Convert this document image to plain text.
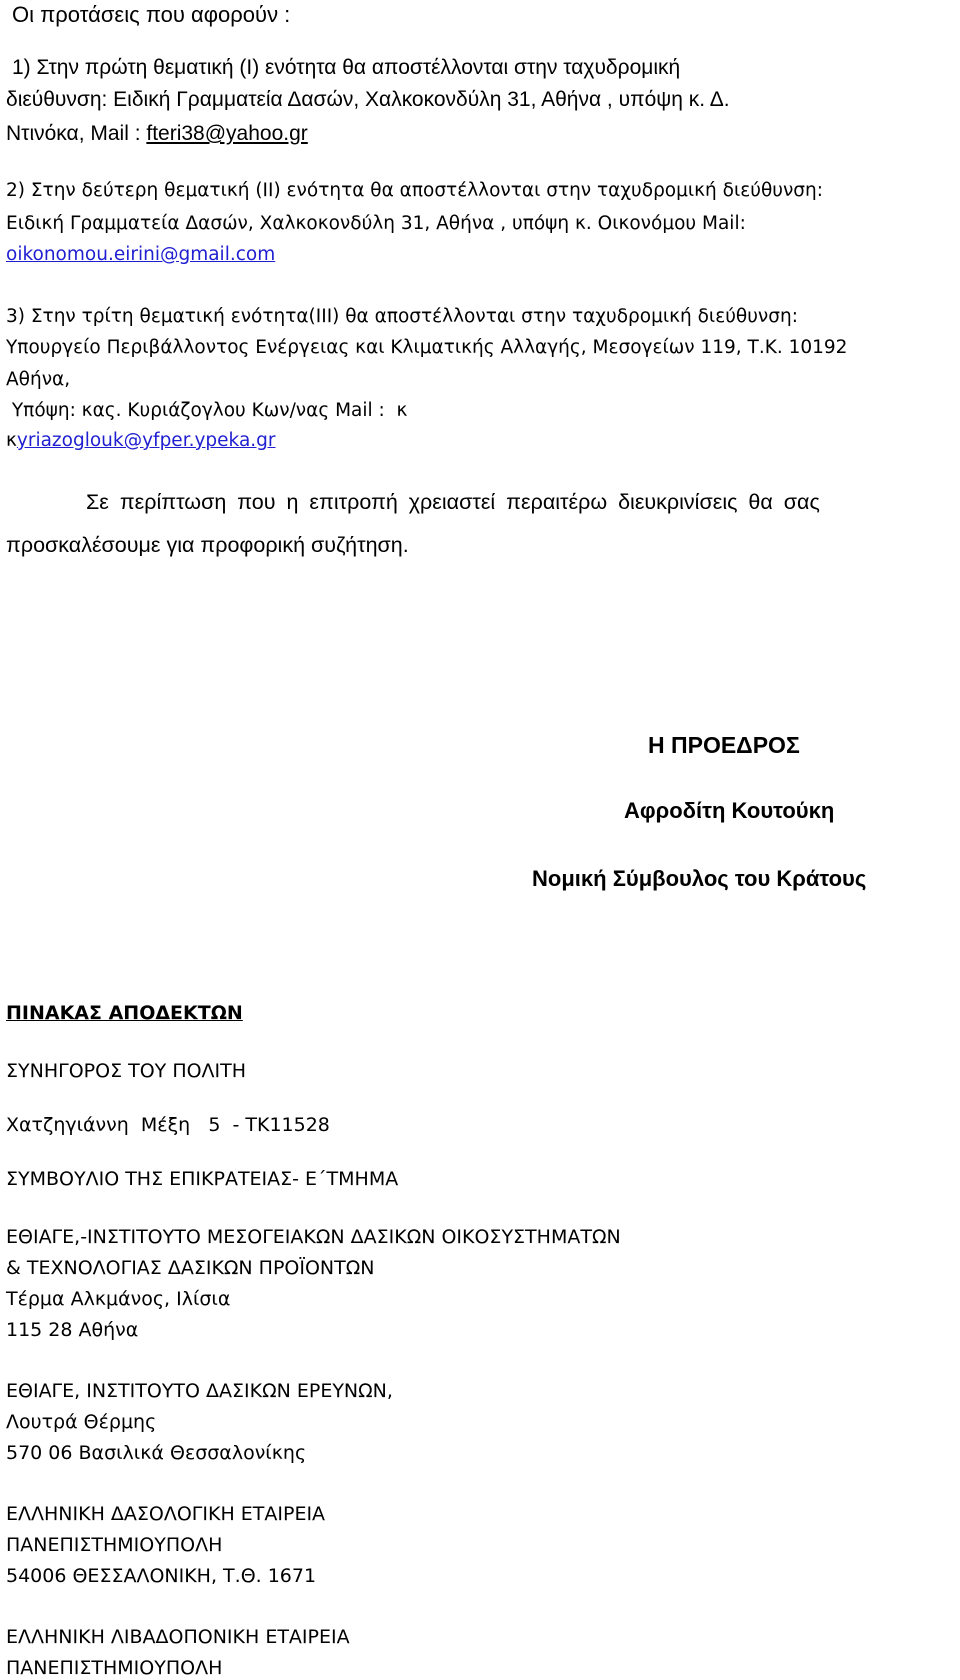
Οι προτάσεις που αφορούν :
1) Στην πρώτη θεματική (Ι) ενότητα θα αποστέλλονται στην ταχυδρομική
διεύθυνση: Ειδική Γραμματεία Δασών, Χαλκοκονδύλη 31, Αθήνα , υπόψη κ. Δ.
Ντινόκα, Mail : fteri38@yahoo.gr
2) Στην δεύτερη θεματική (ΙΙ) ενότητα θα αποστέλλονται στην ταχυδρομική διεύθυνση:
Ειδική Γραμματεία Δασών, Χαλκοκονδύλη 31, Αθήνα , υπόψη κ. Οικονόμου Mail:
oikonomou.eirini@gmail.com
3) Στην τρίτη θεματική ενότητα(ΙΙΙ) θα αποστέλλονται στην ταχυδρομική διεύθυνση:
Υπουργείο Περιβάλλοντος Ενέργειας και Κλιματικής Αλλαγής, Μεσογείων 119, Τ.Κ. 10192
Αθήνα,
Υπόψη: κας. Κυριάζογλου Κων/νας Mail :  κ
κyriazoglouk@yfper.ypeka.gr
Σε περίπτωση που η επιτροπή χρειαστεί περαιτέρω διευκρινίσεις θα σας
προσκαλέσουμε για προφορική συζήτηση.
Η ΠΡΟΕΔΡΟΣ
Αφροδίτη Κουτούκη
Νομική Σύμβουλος του Κράτους
ΠΙΝΑΚΑΣ ΑΠΟΔΕΚΤΩΝ
ΣΥΝΗΓΟΡΟΣ ΤΟΥ ΠΟΛΙΤΗ
Χατζηγιάννη  Μέξη   5  - ΤΚ11528
ΣΥΜΒΟΥΛΙΟ ΤΗΣ ΕΠΙΚΡΑΤΕΙΑΣ- Ε΄ΤΜΗΜΑ
ΕΘΙΑΓΕ,-ΙΝΣΤΙΤΟΥΤΟ ΜΕΣΟΓΕΙΑΚΩΝ ΔΑΣΙΚΩΝ ΟΙΚΟΣΥΣΤΗΜΑΤΩΝ
& ΤΕΧΝΟΛΟΓΙΑΣ ΔΑΣΙΚΩΝ ΠΡΟΪΟΝΤΩΝ
Τέρμα Αλκμάνος, Ιλίσια
115 28 Αθήνα
ΕΘΙΑΓΕ, ΙΝΣΤΙΤΟΥΤΟ ΔΑΣΙΚΩΝ ΕΡΕΥΝΩΝ,
Λουτρά Θέρμης
570 06 Βασιλικά Θεσσαλονίκης
ΕΛΛΗΝΙΚΗ ΔΑΣΟΛΟΓΙΚΗ ΕΤΑΙΡΕΙΑ
ΠΑΝΕΠΙΣΤΗΜΙΟΥΠΟΛΗ
54006 ΘΕΣΣΑΛΟΝΙΚΗ, Τ.Θ. 1671
ΕΛΛΗΝΙΚΗ ΛΙΒΑΔΟΠΟΝΙΚΗ ΕΤΑΙΡΕΙΑ
ΠΑΝΕΠΙΣΤΗΜΙΟΥΠΟΛΗ
